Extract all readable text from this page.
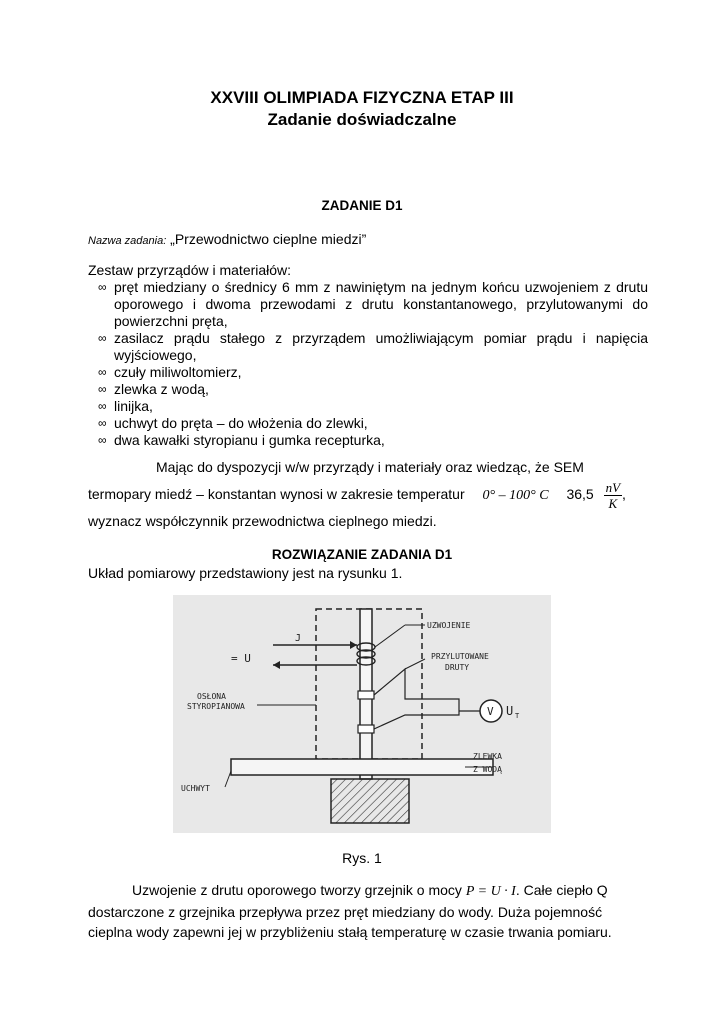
XXVIII OLIMPIADA FIZYCZNA ETAP III
Zadanie doświadczalne
ZADANIE D1
Nazwa zadania: „Przewodnictwo cieplne miedzi”
Zestaw przyrządów i materiałów:
∞ pręt miedziany o średnicy 6 mm z nawiniętym na jednym końcu uzwojeniem z drutu oporowego i dwoma przewodami z drutu konstantanowego, przylutowanymi do powierzchni pręta,
∞ zasilacz prądu stałego z przyrządem umożliwiającym pomiar prądu i napięcia wyjściowego,
∞ czuły miliwoltomierz,
∞ zlewka z wodą,
∞ linijka,
∞ uchwyt do pręta – do włożenia do zlewki,
∞ dwa kawałki styropianu i gumka recepturka,
Mając do dyspozycji w/w przyrządy i materiały oraz wiedząc, że SEM
termopary miedź – konstantan wynosi w zakresie temperatur 0° – 100° C $36,5 \frac{nV}{K}$ ,
wyznacz współczynnik przewodnictwa cieplnego miedzi.
ROZWIĄZANIE ZADANIA D1
Układ pomiarowy przedstawiony jest na rysunku 1.
UZWOJENIE
J
= U	PRZYLUTOWANE
DRUTY
V U T
OSŁONA
STYROPIANOWA
UCHWYT
ZLEWKA
Z WODĄ
Rys. 1
Uzwojenie z drutu oporowego tworzy grzejnik o mocy P = U · I. Całe ciepło Q
dostarczone z grzejnika przepływa przez pręt miedziany do wody. Duża pojemność
cieplna wody zapewni jej w przybliżeniu stałą temperaturę w czasie trwania pomiaru.
